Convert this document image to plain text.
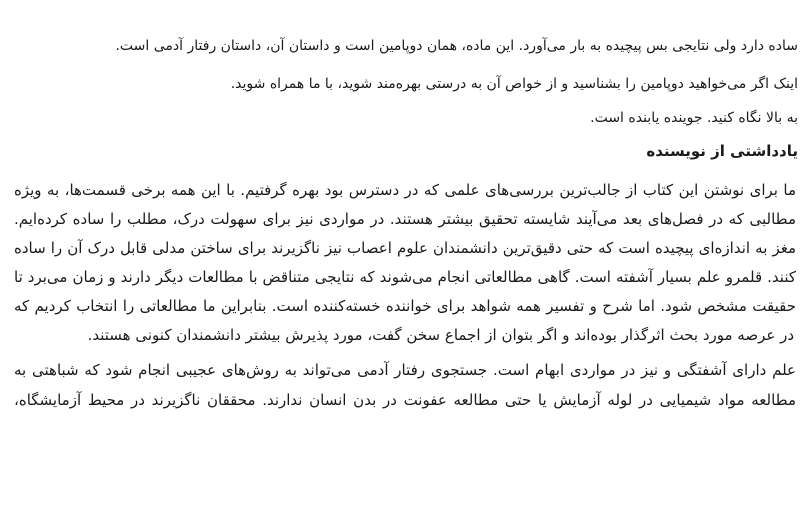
ساده دارد ولی نتایجی بس پیچیده به بار می‌آورد. این ماده، همان دوپامین است و داستان آن، داستان رفتار آدمی است.
اینک اگر می‌خواهید دوپامین را بشناسید و از خواص آن به درستی بهره‌مند شوید، با ما همراه شوید.
به بالا نگاه کنید. جوینده یابنده است.
یادداشتی از نویسنده
ما برای نوشتن این کتاب از جالب‌ترین بررسی‌های علمی که در دسترس بود بهره گرفتیم. با این همه برخی قسمت‌ها، به ویژه
مطالبی که در فصل‌های بعد می‌آیند شایسته تحقیق بیشتر هستند. در مواردی نیز برای سهولت درک، مطلب را ساده کرده‌ایم.
مغز به اندازه‌ای پیچیده است که حتی دقیق‌ترین دانشمندان علوم اعصاب نیز ناگزیرند برای ساختن مدلی قابل درک آن را ساده
کنند. قلمرو علم بسیار آشفته است. گاهی مطالعاتی انجام می‌شوند که نتایجی متناقض با مطالعات دیگر دارند و زمان می‌برد تا
حقیقت مشخص شود. اما شرح و تفسیر همه شواهد برای خواننده خسته‌کننده است. بنابراین ما مطالعاتی را انتخاب کردیم که
در عرصه مورد بحث اثرگذار بوده‌اند و اگر بتوان از اجماع سخن گفت، مورد پذیرش بیشتر دانشمندان کنونی هستند.
علم دارای آشفتگی و نیز در مواردی ابهام است. جستجوی رفتار آدمی می‌تواند به روش‌های عجیبی انجام شود که شباهتی به
مطالعه مواد شیمیایی در لوله آزمایش یا حتی مطالعه عفونت در بدن انسان ندارند. محققان ناگزیرند در محیط آزمایشگاه،
